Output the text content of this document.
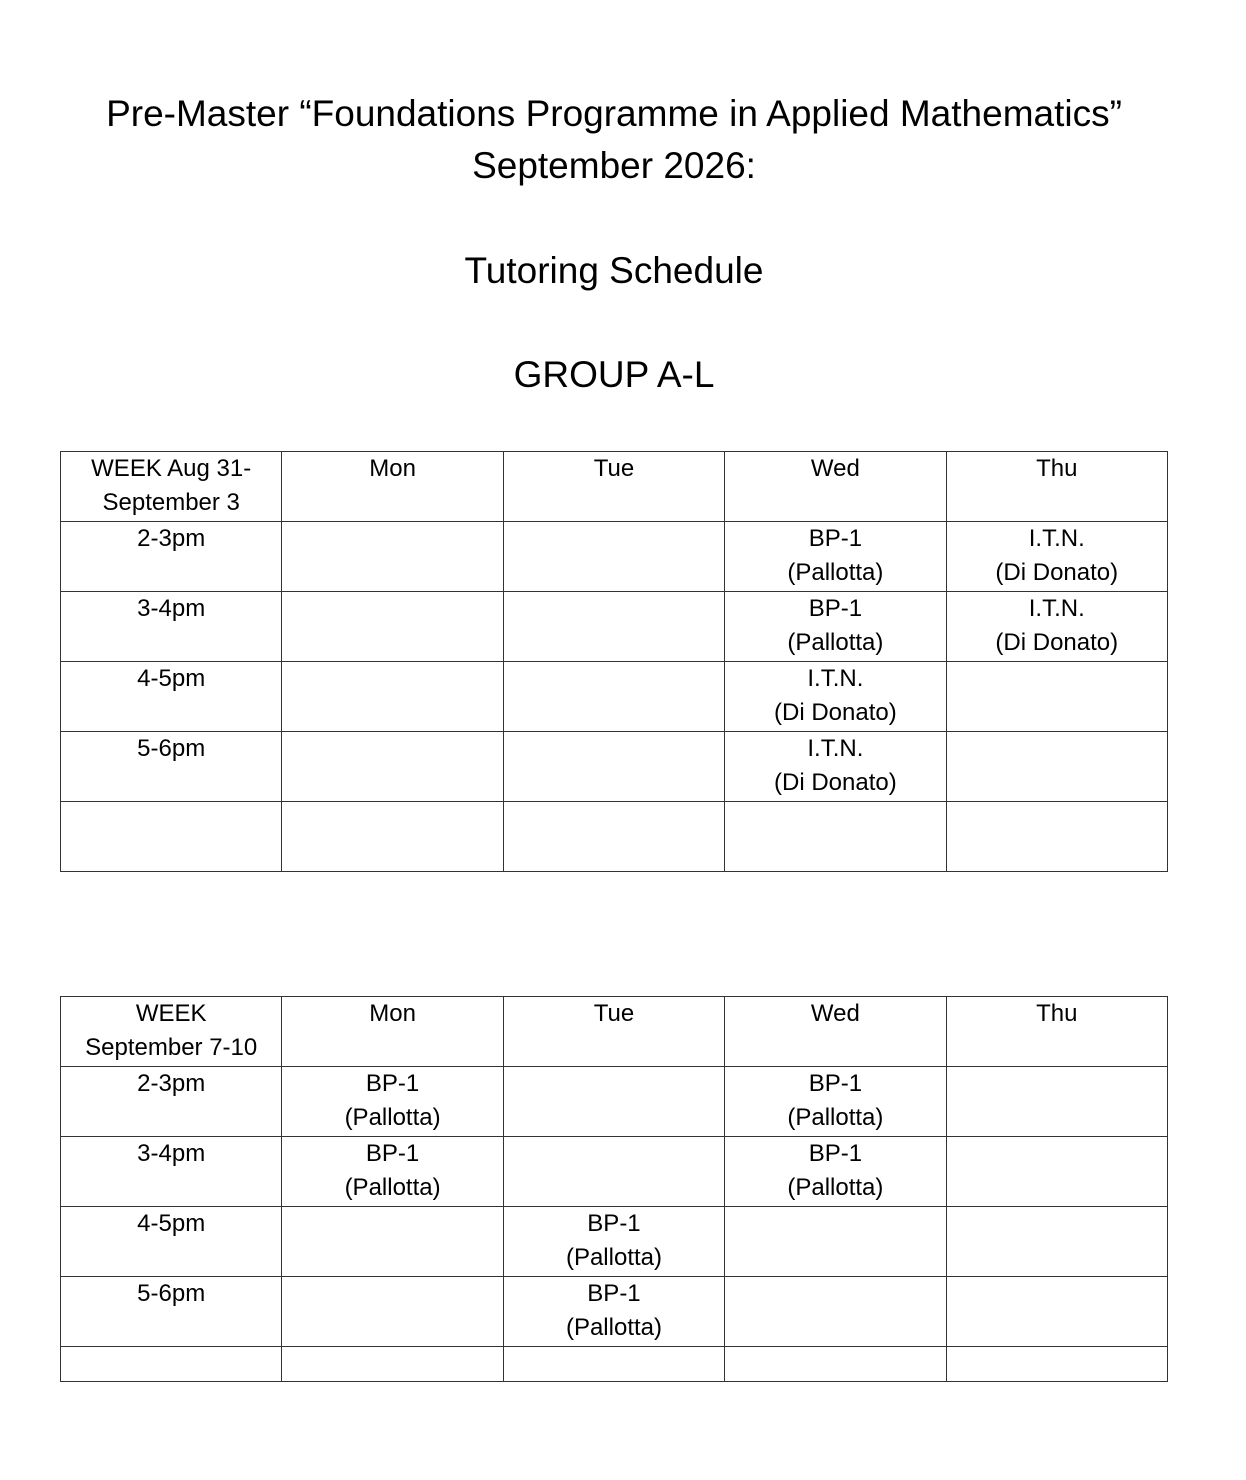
Pre-Master “Foundations Programme in Applied Mathematics”
September 2026:
Tutoring Schedule
GROUP A-L
WEEK Aug 31-
September 3	Mon	Tue	Wed	Thu
2-3pm			BP-1
(Pallotta)	I.T.N.
(Di Donato)

3-4pm			BP-1
(Pallotta)	I.T.N.
(Di Donato)

4-5pm			I.T.N.
(Di Donato)	

5-6pm			I.T.N.
(Di Donato)	

WEEK
September 7-10	Mon	Tue	Wed	Thu
2-3pm	BP-1
(Pallotta)		BP-1
(Pallotta)	

3-4pm	BP-1
(Pallotta)		BP-1
(Pallotta)	

4-5pm		BP-1
(Pallotta)		

5-6pm		BP-1
(Pallotta)		
